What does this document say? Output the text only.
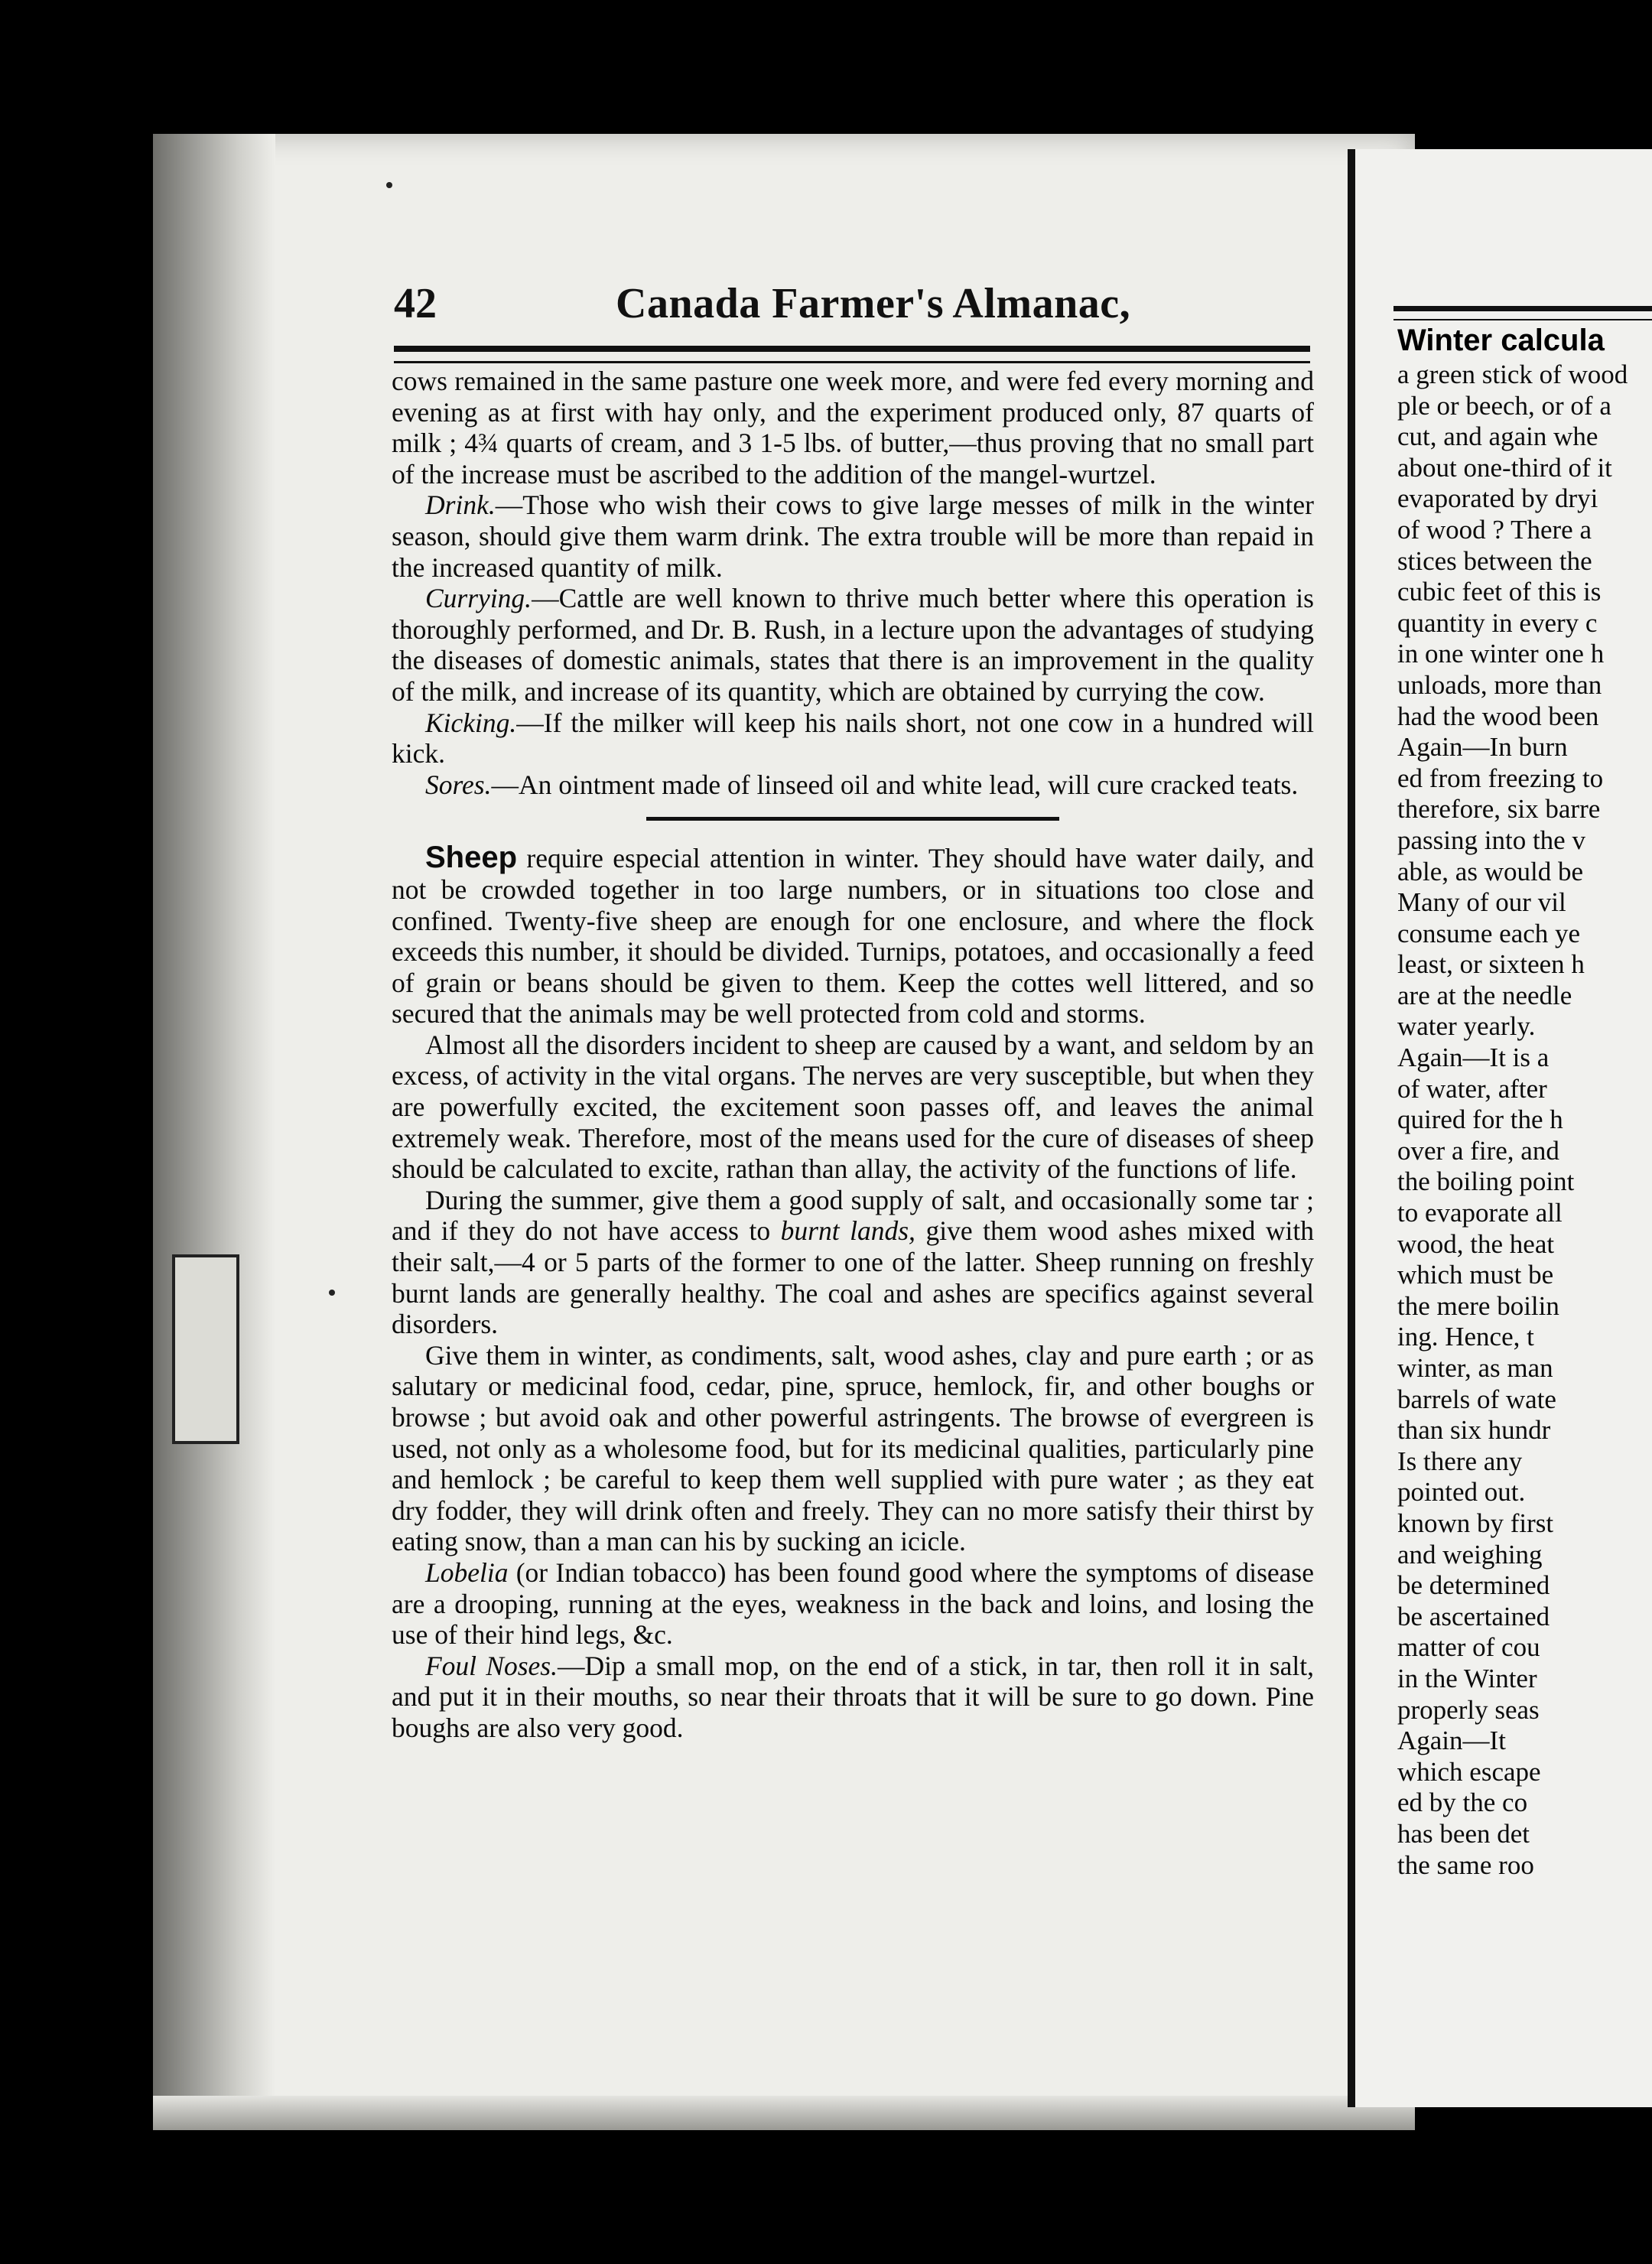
Winter calcula
a green stick of wood
ple or beech, or of a
cut, and again whe
about one-third of it
evaporated by dryi
of wood ? There a
stices between the
cubic feet of this is
quantity in every c
in one winter one h
unloads, more than
had the wood been
Again—In burn
ed from freezing to
therefore, six barre
passing into the v
able, as would be
Many of our vil
consume each ye
least, or sixteen h
are at the needle
water yearly.
Again—It is a
of water, after
quired for the h
over a fire, and
the boiling point
to evaporate all
wood, the heat
which must be
the mere boilin
ing. Hence, t
winter, as man
barrels of wate
than six hundr
Is there any
pointed out.
known by first
and weighing
be determined
be ascertained
matter of cou
in the Winter
properly seas
Again—It
which escape
ed by the co
has been det
the same roo
42	Canada Farmer's Almanac,

cows remained in the same pasture one week more, and were fed every morning and evening as at first with hay only, and the experiment produced only, 87 quarts of milk ; 4¾ quarts of cream, and 3 1-5 lbs. of butter,—thus proving that no small part of the increase must be ascribed to the addition of the mangel-wurtzel.

Drink.—Those who wish their cows to give large messes of milk in the winter season, should give them warm drink. The extra trouble will be more than repaid in the increased quantity of milk.

Currying.—Cattle are well known to thrive much better where this operation is thoroughly performed, and Dr. B. Rush, in a lecture upon the advantages of studying the diseases of domestic animals, states that there is an improvement in the quality of the milk, and increase of its quantity, which are obtained by currying the cow.

Kicking.—If the milker will keep his nails short, not one cow in a hundred will kick.

Sores.—An ointment made of linseed oil and white lead, will cure cracked teats.

Sheep require especial attention in winter. They should have water daily, and not be crowded together in too large numbers, or in situations too close and confined. Twenty-five sheep are enough for one enclosure, and where the flock exceeds this number, it should be divided. Turnips, potatoes, and occasionally a feed of grain or beans should be given to them. Keep the cottes well littered, and so secured that the animals may be well protected from cold and storms.

Almost all the disorders incident to sheep are caused by a want, and seldom by an excess, of activity in the vital organs. The nerves are very susceptible, but when they are powerfully excited, the excitement soon passes off, and leaves the animal extremely weak. Therefore, most of the means used for the cure of diseases of sheep should be calculated to excite, rathan than allay, the activity of the functions of life.

During the summer, give them a good supply of salt, and occasionally some tar ; and if they do not have access to burnt lands, give them wood ashes mixed with their salt,—4 or 5 parts of the former to one of the latter. Sheep running on freshly burnt lands are generally healthy. The coal and ashes are specifics against several disorders.

Give them in winter, as condiments, salt, wood ashes, clay and pure earth ; or as salutary or medicinal food, cedar, pine, spruce, hemlock, fir, and other boughs or browse ; but avoid oak and other powerful astringents. The browse of evergreen is used, not only as a wholesome food, but for its medicinal qualities, particularly pine and hemlock ; be careful to keep them well supplied with pure water ; as they eat dry fodder, they will drink often and freely. They can no more satisfy their thirst by eating snow, than a man can his by sucking an icicle.

Lobelia (or Indian tobacco) has been found good where the symptoms of disease are a drooping, running at the eyes, weakness in the back and loins, and losing the use of their hind legs, &c.

Foul Noses.—Dip a small mop, on the end of a stick, in tar, then roll it in salt, and put it in their mouths, so near their throats that it will be sure to go down. Pine boughs are also very good.
